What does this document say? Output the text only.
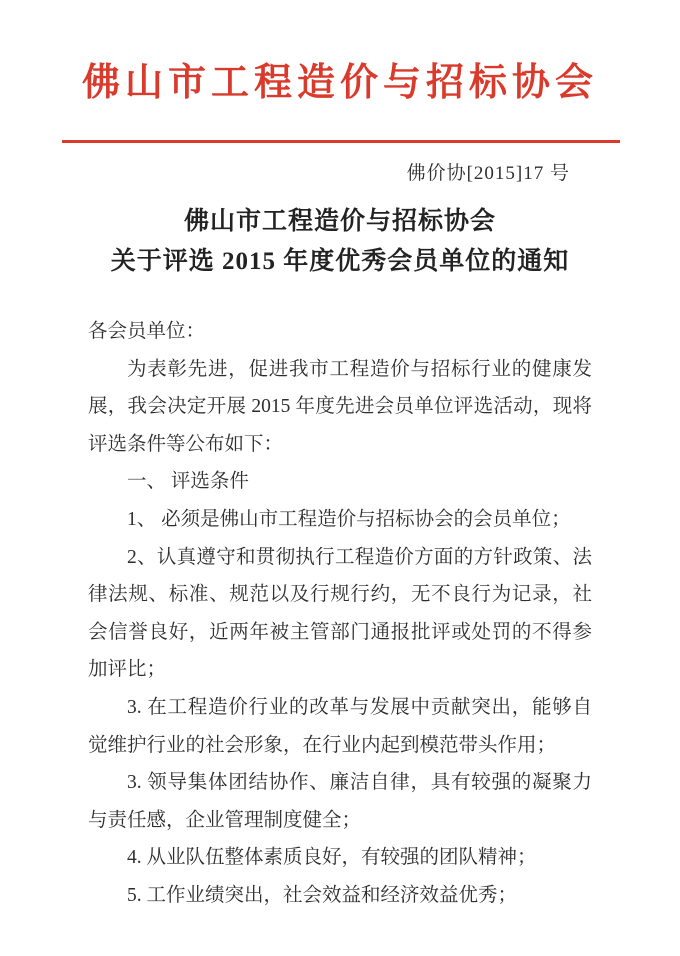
佛山市工程造价与招标协会
佛价协[2015]17 号
佛山市工程造价与招标协会
关于评选 2015 年度优秀会员单位的通知

各会员单位：

为表彰先进，促进我市工程造价与招标行业的健康发展，我会决定开展 2015 年度先进会员单位评选活动，现将评选条件等公布如下：

一、 评选条件

1、 必须是佛山市工程造价与招标协会的会员单位；

2、认真遵守和贯彻执行工程造价方面的方针政策、法律法规、标准、规范以及行规行约，无不良行为记录，社会信誉良好，近两年被主管部门通报批评或处罚的不得参加评比；

3. 在工程造价行业的改革与发展中贡献突出，能够自觉维护行业的社会形象，在行业内起到模范带头作用；

3. 领导集体团结协作、廉洁自律，具有较强的凝聚力与责任感，企业管理制度健全；

4. 从业队伍整体素质良好，有较强的团队精神；

5. 工作业绩突出，社会效益和经济效益优秀；
